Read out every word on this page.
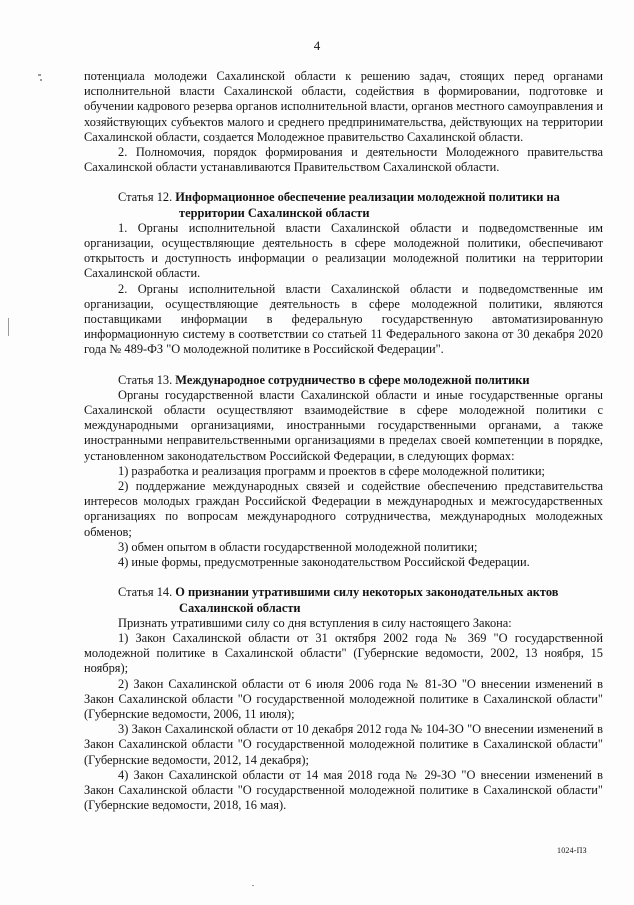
4

потенциала молодежи Сахалинской области к решению задач, стоящих перед органами исполнительной власти Сахалинской области, содействия в формировании, подготовке и обучении кадрового резерва органов исполнительной власти, органов местного самоуправления и хозяйствующих субъектов малого и среднего предпринимательства, действующих на территории Сахалинской области, создается Молодежное правительство Сахалинской области.

2. Полномочия, порядок формирования и деятельности Молодежного правительства Сахалинской области устанавливаются Правительством Сахалинской области.

Статья 12. Информационное обеспечение реализации молодежной политики на
территории Сахалинской области

1. Органы исполнительной власти Сахалинской области и подведомственные им организации, осуществляющие деятельность в сфере молодежной политики, обеспечивают открытость и доступность информации о реализации молодежной политики на территории Сахалинской области.

2. Органы исполнительной власти Сахалинской области и подведомственные им организации, осуществляющие деятельность в сфере молодежной политики, являются поставщиками информации в федеральную государственную автоматизированную информационную систему в соответствии со статьей 11 Федерального закона от 30 декабря 2020 года № 489-ФЗ "О молодежной политике в Российской Федерации".

Статья 13. Международное сотрудничество в сфере молодежной политики

Органы государственной власти Сахалинской области и иные государственные органы Сахалинской области осуществляют взаимодействие в сфере молодежной политики с международными организациями, иностранными государственными органами, а также иностранными неправительственными организациями в пределах своей компетенции в порядке, установленном законодательством Российской Федерации, в следующих формах:

1) разработка и реализация программ и проектов в сфере молодежной политики;

2) поддержание международных связей и содействие обеспечению представительства интересов молодых граждан Российской Федерации в международных и межгосударственных организациях по вопросам международного сотрудничества, международных молодежных обменов;

3) обмен опытом в области государственной молодежной политики;

4) иные формы, предусмотренные законодательством Российской Федерации.

Статья 14. О признании утратившими силу некоторых законодательных актов
Сахалинской области

Признать утратившими силу со дня вступления в силу настоящего Закона:

1) Закон Сахалинской области от 31 октября 2002 года № 369 "О государственной молодежной политике в Сахалинской области" (Губернские ведомости, 2002, 13 ноября, 15 ноября);

2) Закон Сахалинской области от 6 июля 2006 года № 81-ЗО "О внесении изменений в Закон Сахалинской области "О государственной молодежной политике в Сахалинской области" (Губернские ведомости, 2006, 11 июля);

3) Закон Сахалинской области от 10 декабря 2012 года № 104-ЗО "О внесении изменений в Закон Сахалинской области "О государственной молодежной политике в Сахалинской области" (Губернские ведомости, 2012, 14 декабря);

4) Закон Сахалинской области от 14 мая 2018 года № 29-ЗО "О внесении изменений в Закон Сахалинской области "О государственной молодежной политике в Сахалинской области" (Губернские ведомости, 2018, 16 мая).

1024-ПЗ
